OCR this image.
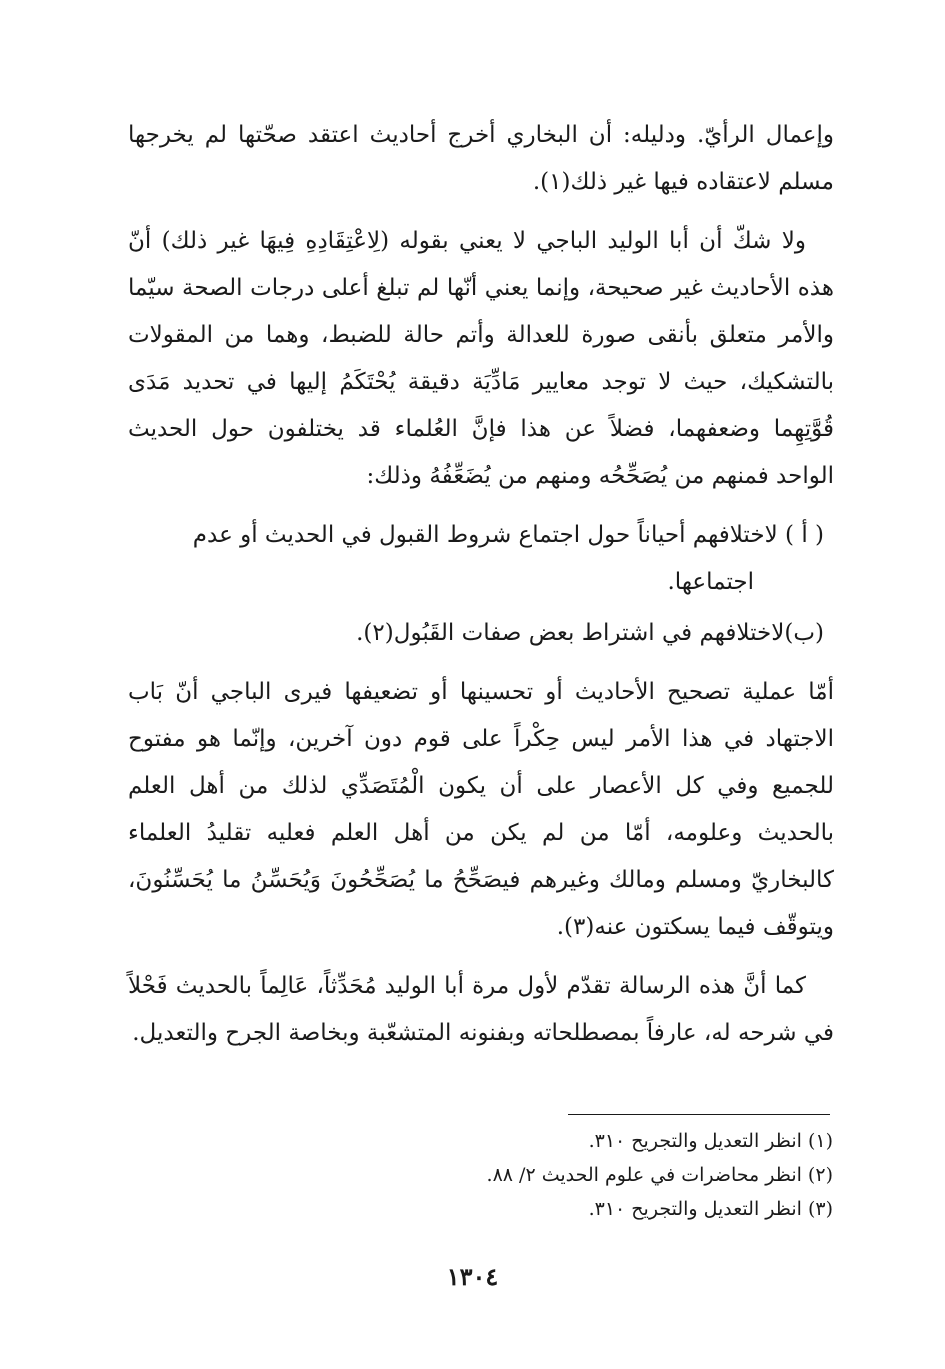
وإعمال الرأيّ. ودليله: أن البخاري أخرج أحاديث اعتقد صحّتها لم يخرجها مسلم لاعتقاده فيها غير ذلك(١).

ولا شكّ أن أبا الوليد الباجي لا يعني بقوله (لِاعْتِقَادِهِ فِيهَا غير ذلك) أنّ هذه الأحاديث غير صحيحة، وإنما يعني أنّها لم تبلغ أعلى درجات الصحة سيّما والأمر متعلق بأنقى صورة للعدالة وأتم حالة للضبط، وهما من المقولات بالتشكيك، حيث لا توجد معايير مَادِّيَة دقيقة يُحْتَكَمُ إليها في تحديد مَدَى قُوَّتِهِما وضعفهما، فضلاً عن هذا فإنَّ العُلماء قد يختلفون حول الحديث الواحد فمنهم من يُصَحِّحُه ومنهم من يُضَعِّفُهُ وذلك:

( أ ) لاختلافهم أحياناً حول اجتماع شروط القبول في الحديث أو عدم
اجتماعها.
(ب)لاختلافهم في اشتراط بعض صفات القَبُول(٢).

أمّا عملية تصحيح الأحاديث أو تحسينها أو تضعيفها فيرى الباجي أنّ بَاب الاجتهاد في هذا الأمر ليس حِكْراً على قوم دون آخرين، وإنّما هو مفتوح للجميع وفي كل الأعصار على أن يكون الْمُتَصَدِّي لذلك من أهل العلم بالحديث وعلومه، أمّا من لم يكن من أهل العلم فعليه تقليدُ العلماء كالبخاريّ ومسلم ومالك وغيرهم فيصَحِّحُ ما يُصَحِّحُونَ وَيُحَسِّنُ ما يُحَسِّنُونَ، ويتوقّف فيما يسكتون عنه(٣).

كما أنَّ هذه الرسالة تقدّم لأول مرة أبا الوليد مُحَدِّثاً، عَالِماً بالحديث فَحْلاً في شرحه له، عارفاً بمصطلحاته وبفنونه المتشعّبة وبخاصة الجرح والتعديل.

(١) انظر التعديل والتجريح ٣١٠.
(٢) انظر محاضرات في علوم الحديث ٢/ ٨٨.
(٣) انظر التعديل والتجريح ٣١٠.
١٣٠٤
